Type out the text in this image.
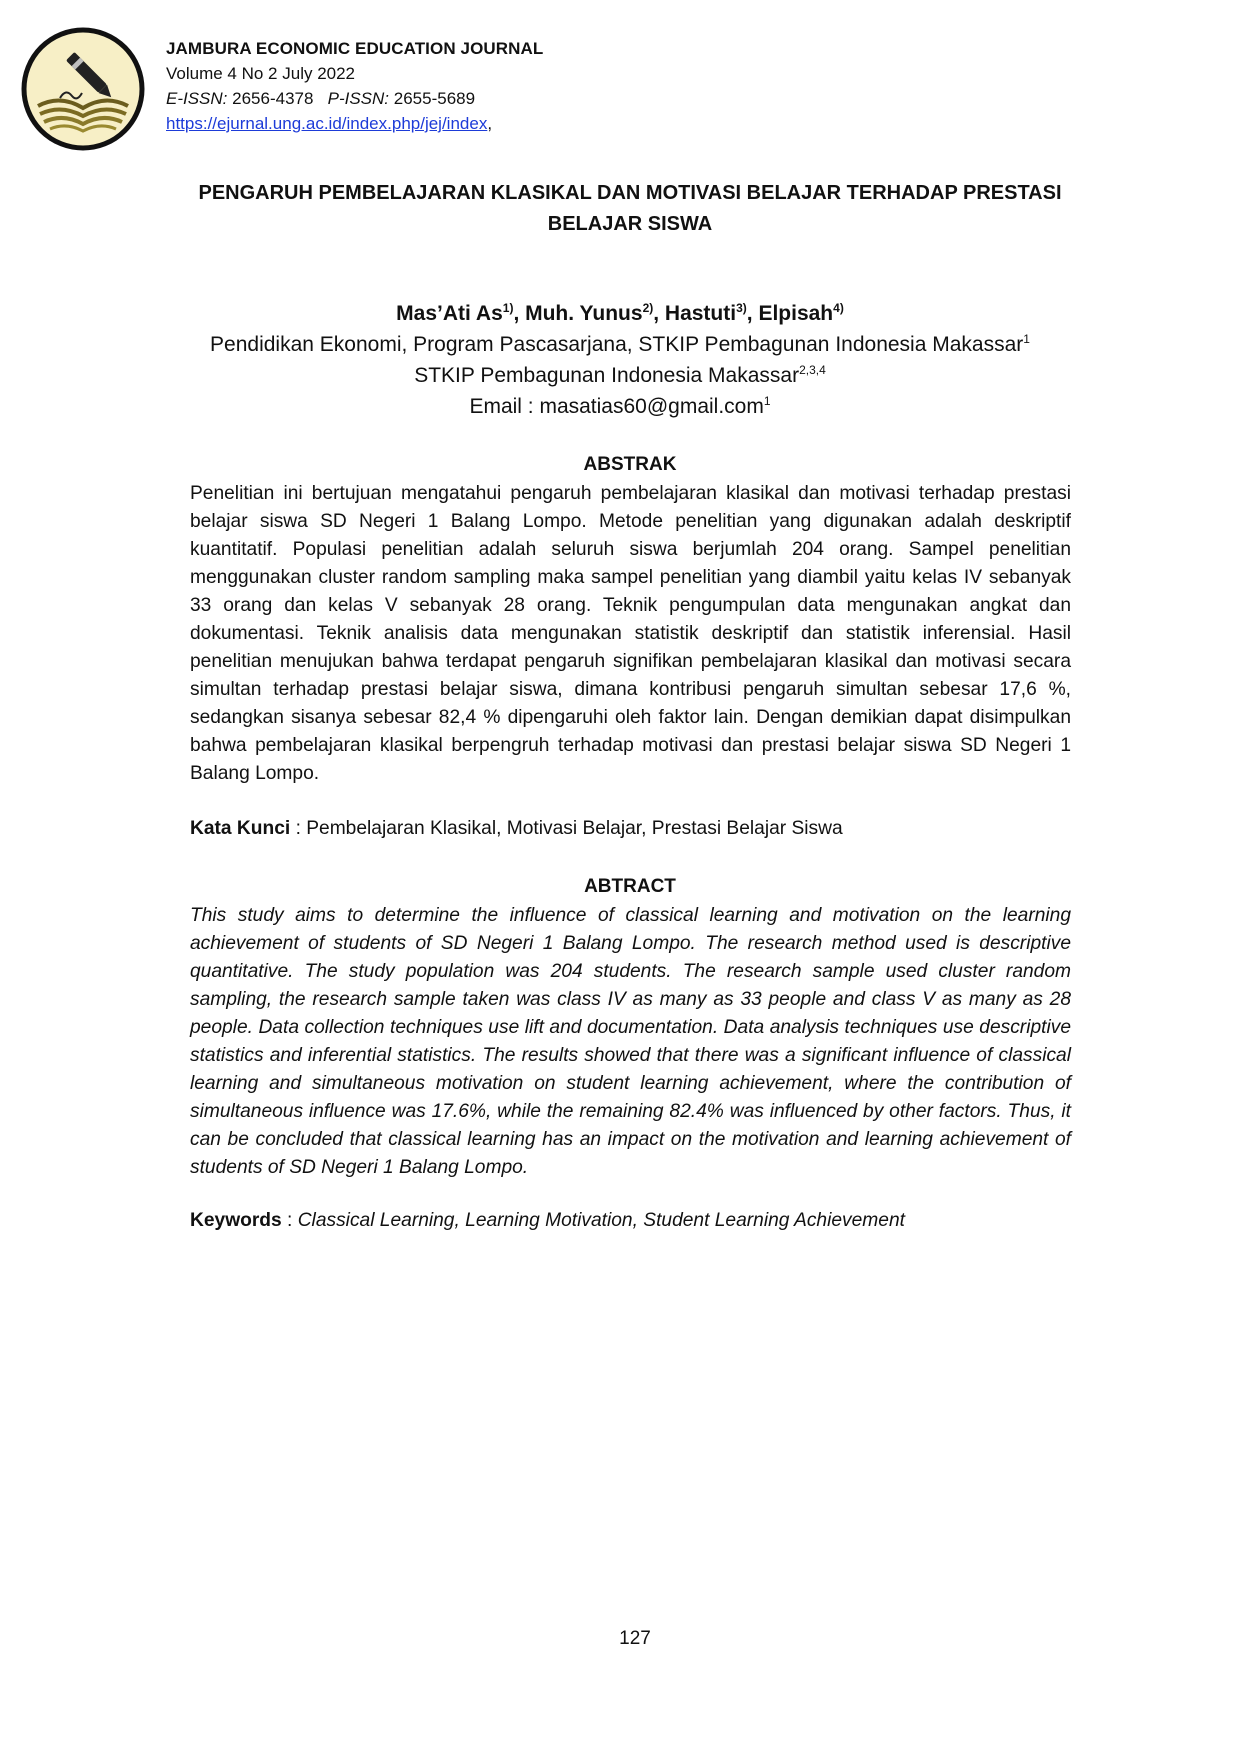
JAMBURA ECONOMIC EDUCATION JOURNAL
Volume 4 No 2 July 2022
E-ISSN: 2656-4378 P-ISSN: 2655-5689
https://ejurnal.ung.ac.id/index.php/jej/index,
PENGARUH PEMBELAJARAN KLASIKAL DAN MOTIVASI BELAJAR TERHADAP PRESTASI BELAJAR SISWA
Mas’Ati As$^{1)}$, Muh. Yunus$^{2)}$, Hastuti$^{3)}$, Elpisah$^{4)}$
Pendidikan Ekonomi, Program Pascasarjana, STKIP Pembagunan Indonesia Makassar$^1$
STKIP Pembagunan Indonesia Makassar$^{2,3,4}$
Email : masatias60@gmail.com$^1$
ABSTRAK
Penelitian ini bertujuan mengatahui pengaruh pembelajaran klasikal dan motivasi terhadap prestasi belajar siswa SD Negeri 1 Balang Lompo. Metode penelitian yang digunakan adalah deskriptif kuantitatif. Populasi penelitian adalah seluruh siswa berjumlah 204 orang. Sampel penelitian menggunakan cluster random sampling maka sampel penelitian yang diambil yaitu kelas IV sebanyak 33 orang dan kelas V sebanyak 28 orang. Teknik pengumpulan data mengunakan angkat dan dokumentasi. Teknik analisis data mengunakan statistik deskriptif dan statistik inferensial. Hasil penelitian menujukan bahwa terdapat pengaruh signifikan pembelajaran klasikal dan motivasi secara simultan terhadap prestasi belajar siswa, dimana kontribusi pengaruh simultan sebesar 17,6 %, sedangkan sisanya sebesar 82,4 % dipengaruhi oleh faktor lain. Dengan demikian dapat disimpulkan bahwa pembelajaran klasikal berpengruh terhadap motivasi dan prestasi belajar siswa SD Negeri 1 Balang Lompo.
Kata Kunci : Pembelajaran Klasikal, Motivasi Belajar, Prestasi Belajar Siswa
ABTRACT
This study aims to determine the influence of classical learning and motivation on the learning achievement of students of SD Negeri 1 Balang Lompo. The research method used is descriptive quantitative. The study population was 204 students. The research sample used cluster random sampling, the research sample taken was class IV as many as 33 people and class V as many as 28 people. Data collection techniques use lift and documentation. Data analysis techniques use descriptive statistics and inferential statistics. The results showed that there was a significant influence of classical learning and simultaneous motivation on student learning achievement, where the contribution of simultaneous influence was 17.6%, while the remaining 82.4% was influenced by other factors. Thus, it can be concluded that classical learning has an impact on the motivation and learning achievement of students of SD Negeri 1 Balang Lompo.
Keywords : Classical Learning, Learning Motivation, Student Learning Achievement
127
